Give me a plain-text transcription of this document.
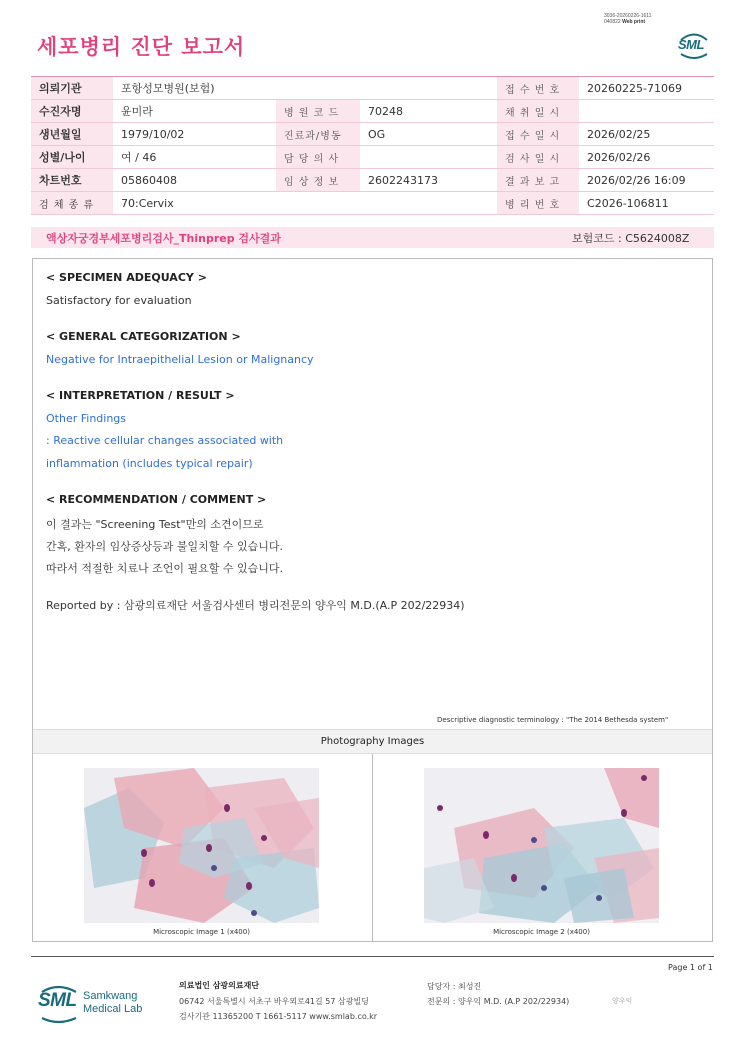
3036-20260226-1611
040822 Web print
세포병리 진단 보고서	SML
의뢰기관	포항성모병원(보험)			접 수 번 호	20260225-71069
수진자명	윤미라	병 원 코 드	70248	채 취 일 시	
생년월일	1979/10/02	진료과/병동	OG	접 수 일 시	2026/02/25
성별/나이	여 / 46	담 당 의 사		검 사 일 시	2026/02/26
차트번호	05860408	임 상 정 보	2602243173	결 과 보 고	2026/02/26 16:09
검 체 종 류	70:Cervix			병 리 번 호	C2026-106811
액상자궁경부세포병리검사_Thinprep 검사결과	보험코드 : C5624008Z
< SPECIMEN ADEQUACY >
Satisfactory for evaluation
< GENERAL CATEGORIZATION >
Negative for Intraepithelial Lesion or Malignancy
< INTERPRETATION / RESULT >
Other Findings
: Reactive cellular changes associated with
inflammation (includes typical repair)
< RECOMMENDATION / COMMENT >
이 결과는 "Screening Test"만의 소견이므로
간혹, 환자의 임상증상등과 불일치할 수 있습니다.
따라서 적절한 치료나 조언이 필요할 수 있습니다.
Reported by : 삼광의료재단 서울검사센터 병리전문의 양우익 M.D.(A.P 202/22934)
Descriptive diagnostic terminology : "The 2014 Bethesda system"
Photography Images
Microscopic Image 1 (x400)	Microscopic Image 2 (x400)
Page 1 of 1
SML Samkwang
Medical Lab
의료법인 삼광의료재단
06742 서울특별시 서초구 바우뫼로41길 57 삼광빌딩
검사기관 11365200 T 1661-5117 www.smlab.co.kr
담당자 : 최성진
전문의 : 양우익 M.D. (A.P 202/22934)	양우익
